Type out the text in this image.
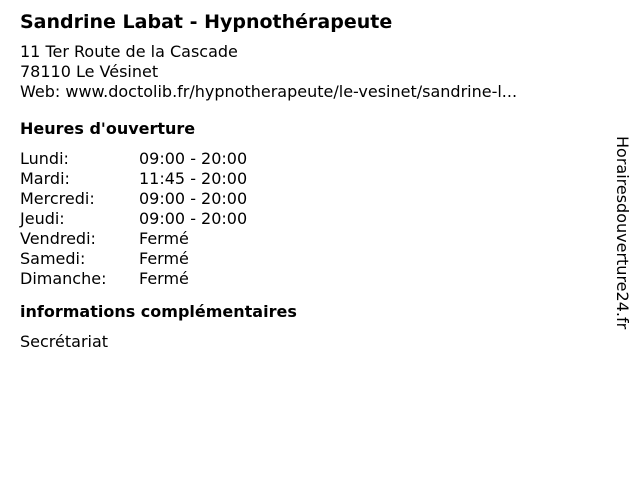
Sandrine Labat - Hypnothérapeute
11 Ter Route de la Cascade
78110 Le Vésinet
Web: www.doctolib.fr/hypnotherapeute/le-vesinet/sandrine-l...
Heures d'ouverture
Lundi:	09:00 - 20:00
Mardi:	11:45 - 20:00
Mercredi:	09:00 - 20:00
Jeudi:	09:00 - 20:00
Vendredi:	Fermé
Samedi:	Fermé
Dimanche:	Fermé
informations complémentaires
Secrétariat
Horairesdouverture24.fr
